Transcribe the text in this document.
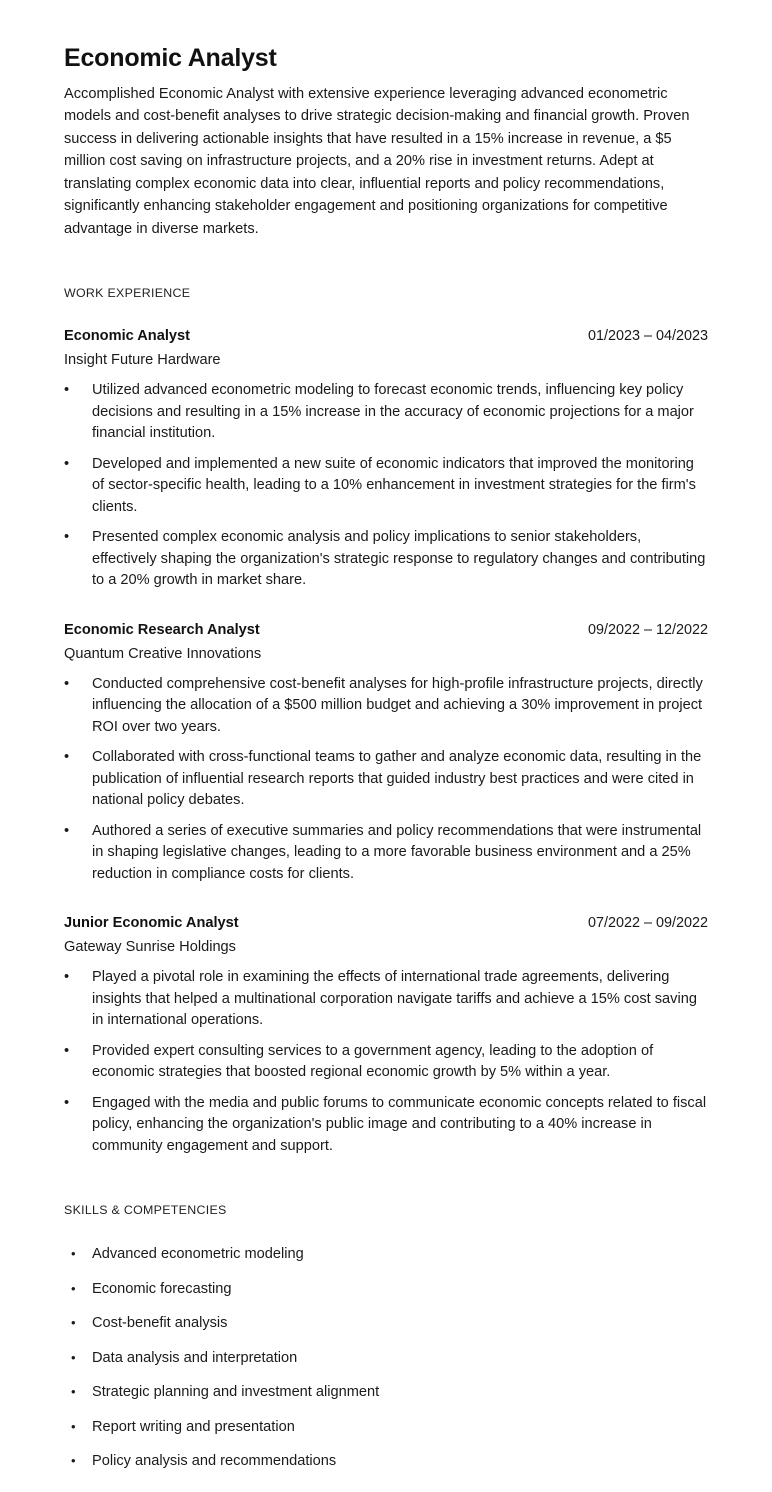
Economic Analyst

Accomplished Economic Analyst with extensive experience leveraging advanced econometric models and cost-benefit analyses to drive strategic decision-making and financial growth. Proven success in delivering actionable insights that have resulted in a 15% increase in revenue, a $5 million cost saving on infrastructure projects, and a 20% rise in investment returns. Adept at translating complex economic data into clear, influential reports and policy recommendations, significantly enhancing stakeholder engagement and positioning organizations for competitive advantage in diverse markets.

WORK EXPERIENCE
Economic Analyst	01/2023 – 04/2023
Insight Future Hardware
• Utilized advanced econometric modeling to forecast economic trends, influencing key policy decisions and resulting in a 15% increase in the accuracy of economic projections for a major financial institution.
• Developed and implemented a new suite of economic indicators that improved the monitoring of sector-specific health, leading to a 10% enhancement in investment strategies for the firm's clients.
• Presented complex economic analysis and policy implications to senior stakeholders, effectively shaping the organization's strategic response to regulatory changes and contributing to a 20% growth in market share.
Economic Research Analyst	09/2022 – 12/2022
Quantum Creative Innovations
• Conducted comprehensive cost-benefit analyses for high-profile infrastructure projects, directly influencing the allocation of a $500 million budget and achieving a 30% improvement in project ROI over two years.
• Collaborated with cross-functional teams to gather and analyze economic data, resulting in the publication of influential research reports that guided industry best practices and were cited in national policy debates.
• Authored a series of executive summaries and policy recommendations that were instrumental in shaping legislative changes, leading to a more favorable business environment and a 25% reduction in compliance costs for clients.
Junior Economic Analyst	07/2022 – 09/2022
Gateway Sunrise Holdings
• Played a pivotal role in examining the effects of international trade agreements, delivering insights that helped a multinational corporation navigate tariffs and achieve a 15% cost saving in international operations.
• Provided expert consulting services to a government agency, leading to the adoption of economic strategies that boosted regional economic growth by 5% within a year.
• Engaged with the media and public forums to communicate economic concepts related to fiscal policy, enhancing the organization's public image and contributing to a 40% increase in community engagement and support.
SKILLS & COMPETENCIES
•	Advanced econometric modeling
•	Economic forecasting
•	Cost-benefit analysis
•	Data analysis and interpretation
•	Strategic planning and investment alignment
•	Report writing and presentation
•	Policy analysis and recommendations
